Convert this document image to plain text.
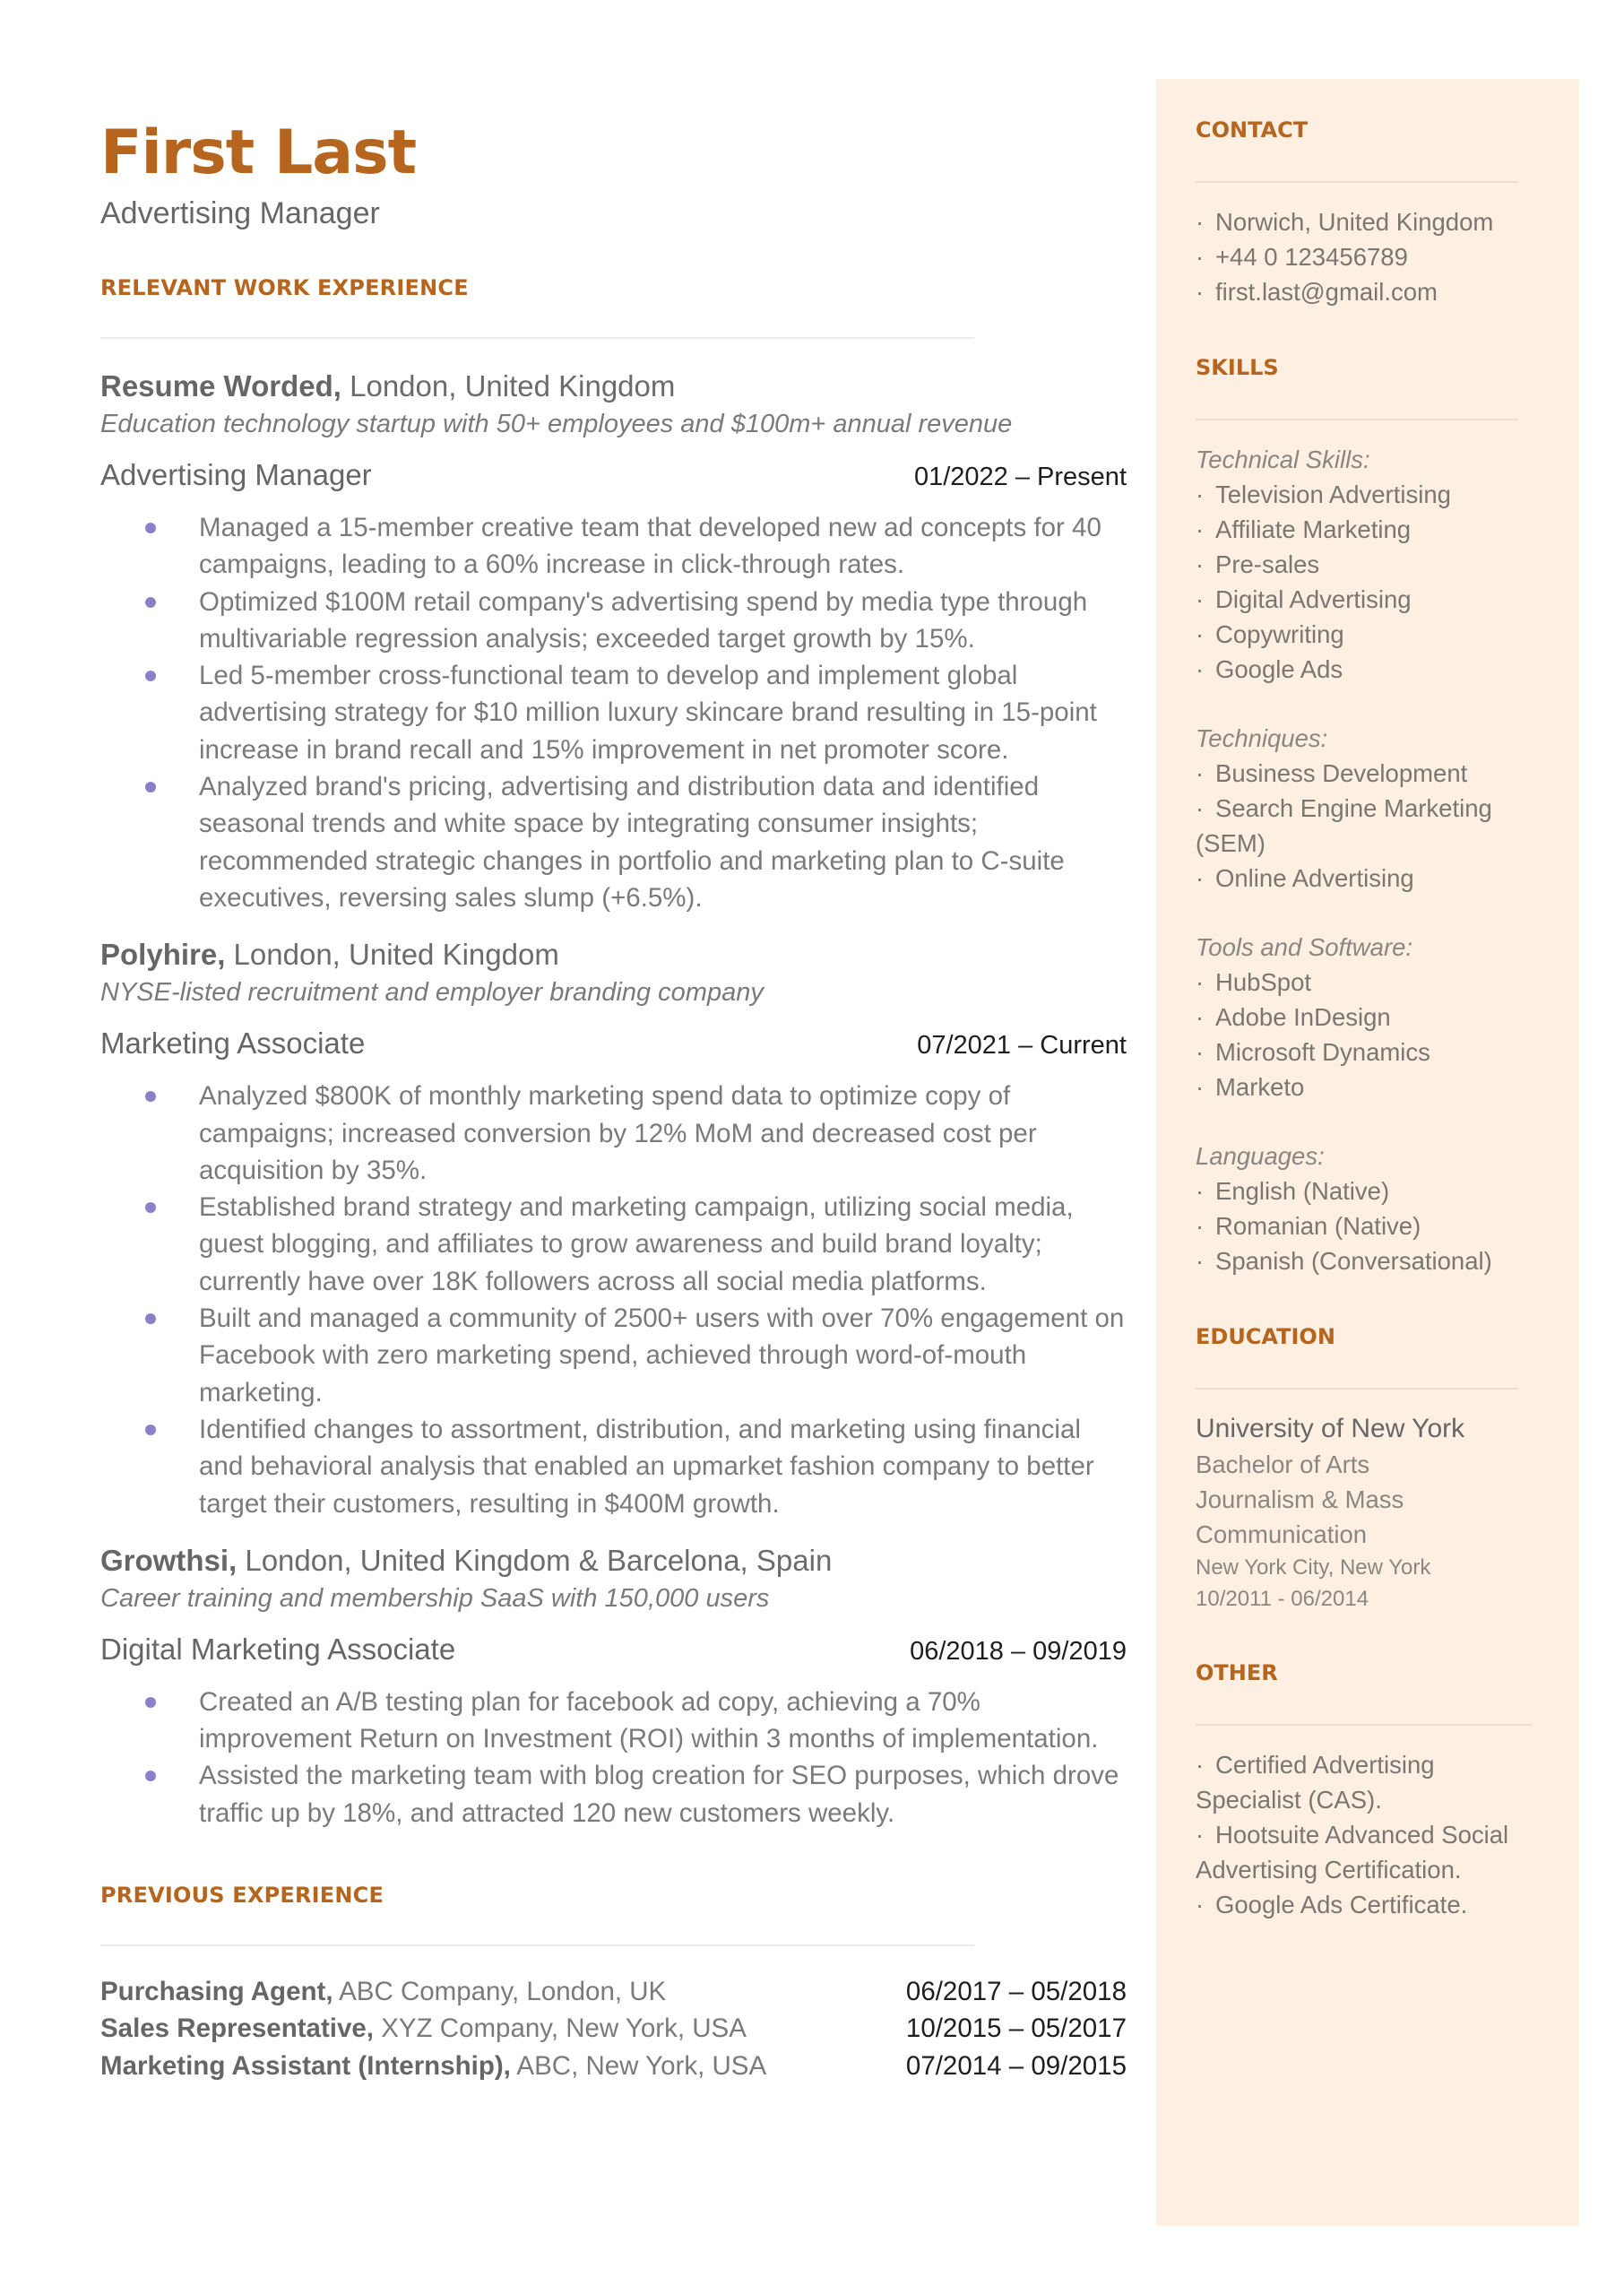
First Last
Advertising Manager
RELEVANT WORK EXPERIENCE
Resume Worded, London, United Kingdom
Education technology startup with 50+ employees and $100m+ annual revenue
Advertising Manager	01/2022 – Present
Managed a 15-member creative team that developed new ad concepts for 40 campaigns, leading to a 60% increase in click-through rates.
Optimized $100M retail company's advertising spend by media type through multivariable regression analysis; exceeded target growth by 15%.
Led 5-member cross-functional team to develop and implement global advertising strategy for $10 million luxury skincare brand resulting in 15-point increase in brand recall and 15% improvement in net promoter score.
Analyzed brand's pricing, advertising and distribution data and identified seasonal trends and white space by integrating consumer insights; recommended strategic changes in portfolio and marketing plan to C-suite executives, reversing sales slump (+6.5%).
Polyhire, London, United Kingdom
NYSE-listed recruitment and employer branding company
Marketing Associate	07/2021 – Current
Analyzed $800K of monthly marketing spend data to optimize copy of campaigns; increased conversion by 12% MoM and decreased cost per acquisition by 35%.
Established brand strategy and marketing campaign, utilizing social media, guest blogging, and affiliates to grow awareness and build brand loyalty; currently have over 18K followers across all social media platforms.
Built and managed a community of 2500+ users with over 70% engagement on Facebook with zero marketing spend, achieved through word-of-mouth marketing.
Identified changes to assortment, distribution, and marketing using financial and behavioral analysis that enabled an upmarket fashion company to better target their customers, resulting in $400M growth.
Growthsi, London, United Kingdom & Barcelona, Spain
Career training and membership SaaS with 150,000 users
Digital Marketing Associate	06/2018 – 09/2019
Created an A/B testing plan for facebook ad copy, achieving a 70% improvement Return on Investment (ROI) within 3 months of implementation.
Assisted the marketing team with blog creation for SEO purposes, which drove traffic up by 18%, and attracted 120 new customers weekly.
PREVIOUS EXPERIENCE
Purchasing Agent, ABC Company, London, UK	06/2017 – 05/2018
Sales Representative, XYZ Company, New York, USA	10/2015 – 05/2017
Marketing Assistant (Internship), ABC, New York, USA	07/2014 – 09/2015
CONTACT
· Norwich, United Kingdom
· +44 0 123456789
· first.last@gmail.com
SKILLS
Technical Skills:
· Television Advertising
· Affiliate Marketing
· Pre-sales
· Digital Advertising
· Copywriting
· Google Ads
Techniques:
· Business Development
· Search Engine Marketing (SEM)
· Online Advertising
Tools and Software:
· HubSpot
· Adobe InDesign
· Microsoft Dynamics
· Marketo
Languages:
· English (Native)
· Romanian (Native)
· Spanish (Conversational)
EDUCATION
University of New York
Bachelor of Arts
Journalism & Mass Communication
New York City, New York
10/2011 - 06/2014
OTHER
· Certified Advertising Specialist (CAS).
· Hootsuite Advanced Social Advertising Certification.
· Google Ads Certificate.
